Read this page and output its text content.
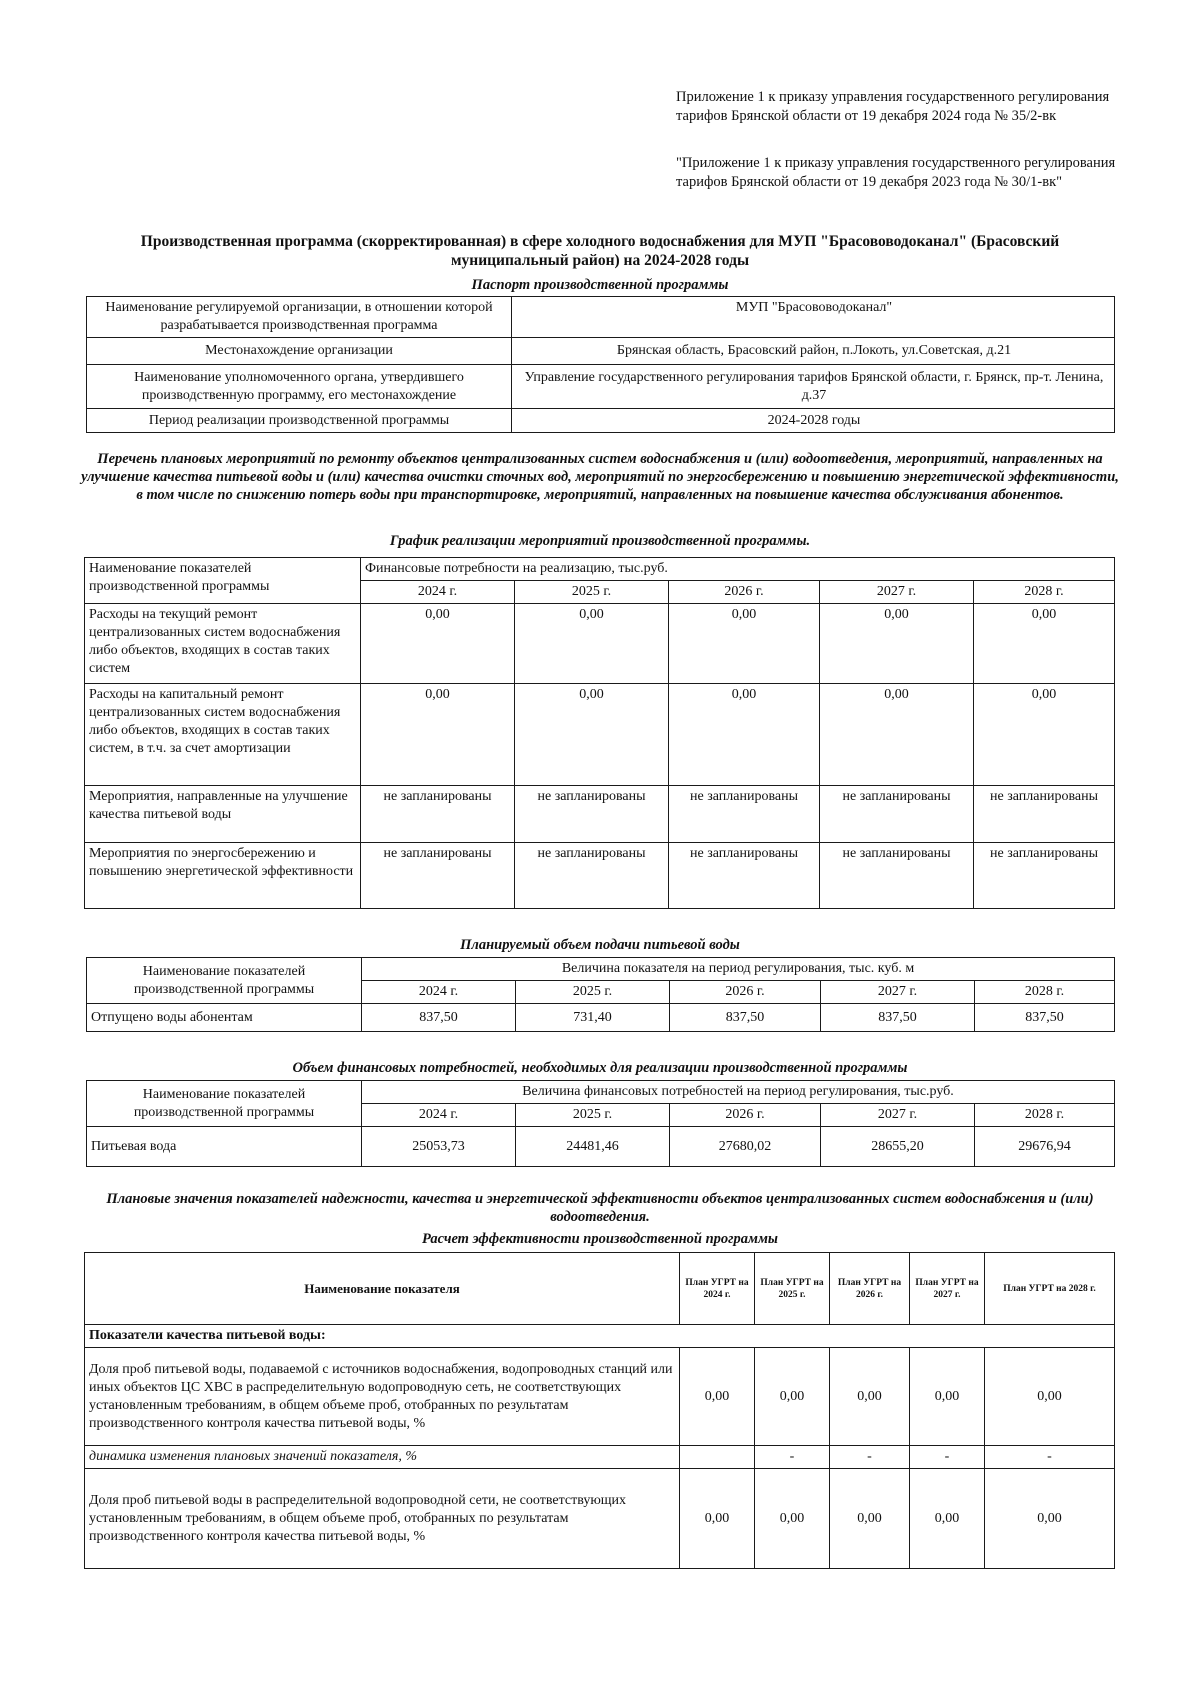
Приложение 1 к приказу управления государственного регулирования тарифов Брянской области от 19 декабря 2024 года № 35/2-вк
"Приложение 1 к приказу управления государственного регулирования тарифов Брянской области от 19 декабря 2023 года № 30/1-вк"
Производственная программа (скорректированная) в сфере холодного водоснабжения для МУП "Брасововодоканал" (Брасовский муниципальный район) на 2024-2028 годы
Паспорт производственной программы
Наименование регулируемой организации, в отношении которой разрабатывается производственная программа	МУП "Брасововодоканал"
Местонахождение организации	Брянская область, Брасовский район, п.Локоть, ул.Советская, д.21
Наименование уполномоченного органа, утвердившего производственную программу, его местонахождение	Управление государственного регулирования тарифов Брянской области, г. Брянск, пр-т. Ленина, д.37
Период реализации производственной программы	2024-2028 годы
Перечень плановых мероприятий по ремонту объектов централизованных систем водоснабжения и (или) водоотведения, мероприятий, направленных на улучшение качества питьевой воды и (или) качества очистки сточных вод, мероприятий по энергосбережению и повышению энергетической эффективности, в том числе по снижению потерь воды при транспортировке, мероприятий, направленных на повышение качества обслуживания абонентов.
График реализации мероприятий производственной программы.
Наименование показателей производственной программы	Финансовые потребности на реализацию, тыс.руб.				
	2024 г.	2025 г.	2026 г.	2027 г.	2028 г.
Расходы на текущий ремонт централизованных систем водоснабжения либо объектов, входящих в состав таких систем	0,00	0,00	0,00	0,00	0,00
Расходы на капитальный ремонт централизованных систем водоснабжения либо объектов, входящих в состав таких систем, в т.ч. за счет амортизации	0,00	0,00	0,00	0,00	0,00
Мероприятия, направленные на улучшение качества питьевой воды	не запланированы	не запланированы	не запланированы	не запланированы	не запланированы
Мероприятия по энергосбережению и повышению энергетической эффективности	не запланированы	не запланированы	не запланированы	не запланированы	не запланированы
Планируемый объем подачи питьевой воды
Наименование показателей производственной программы	Величина показателя на период регулирования, тыс. куб. м				
	2024 г.	2025 г.	2026 г.	2027 г.	2028 г.
Отпущено воды абонентам	837,50	731,40	837,50	837,50	837,50
Объем финансовых потребностей, необходимых для реализации производственной программы
Наименование показателей производственной программы	Величина финансовых потребностей на период регулирования, тыс.руб.				
	2024 г.	2025 г.	2026 г.	2027 г.	2028 г.
Питьевая вода	25053,73	24481,46	27680,02	28655,20	29676,94
Плановые значения показателей надежности, качества и энергетической эффективности объектов централизованных систем водоснабжения и (или) водоотведения.
Расчет эффективности производственной программы
Наименование показателя	План УГРТ на 2024 г.	План УГРТ на 2025 г.	План УГРТ на 2026 г.	План УГРТ на 2027 г.	План УГРТ на 2028 г.
Показатели качества питьевой воды:					
Доля проб питьевой воды, подаваемой с источников водоснабжения, водопроводных станций или иных объектов ЦС ХВС в распределительную водопроводную сеть, не соответствующих установленным требованиям, в общем объеме проб, отобранных по результатам производственного контроля качества питьевой воды, %	0,00	0,00	0,00	0,00	0,00
динамика изменения плановых значений показателя, %		-	-	-	-
Доля проб питьевой воды в распределительной водопроводной сети, не соответствующих установленным требованиям, в общем объеме проб, отобранных по результатам производственного контроля качества питьевой воды, %	0,00	0,00	0,00	0,00	0,00
